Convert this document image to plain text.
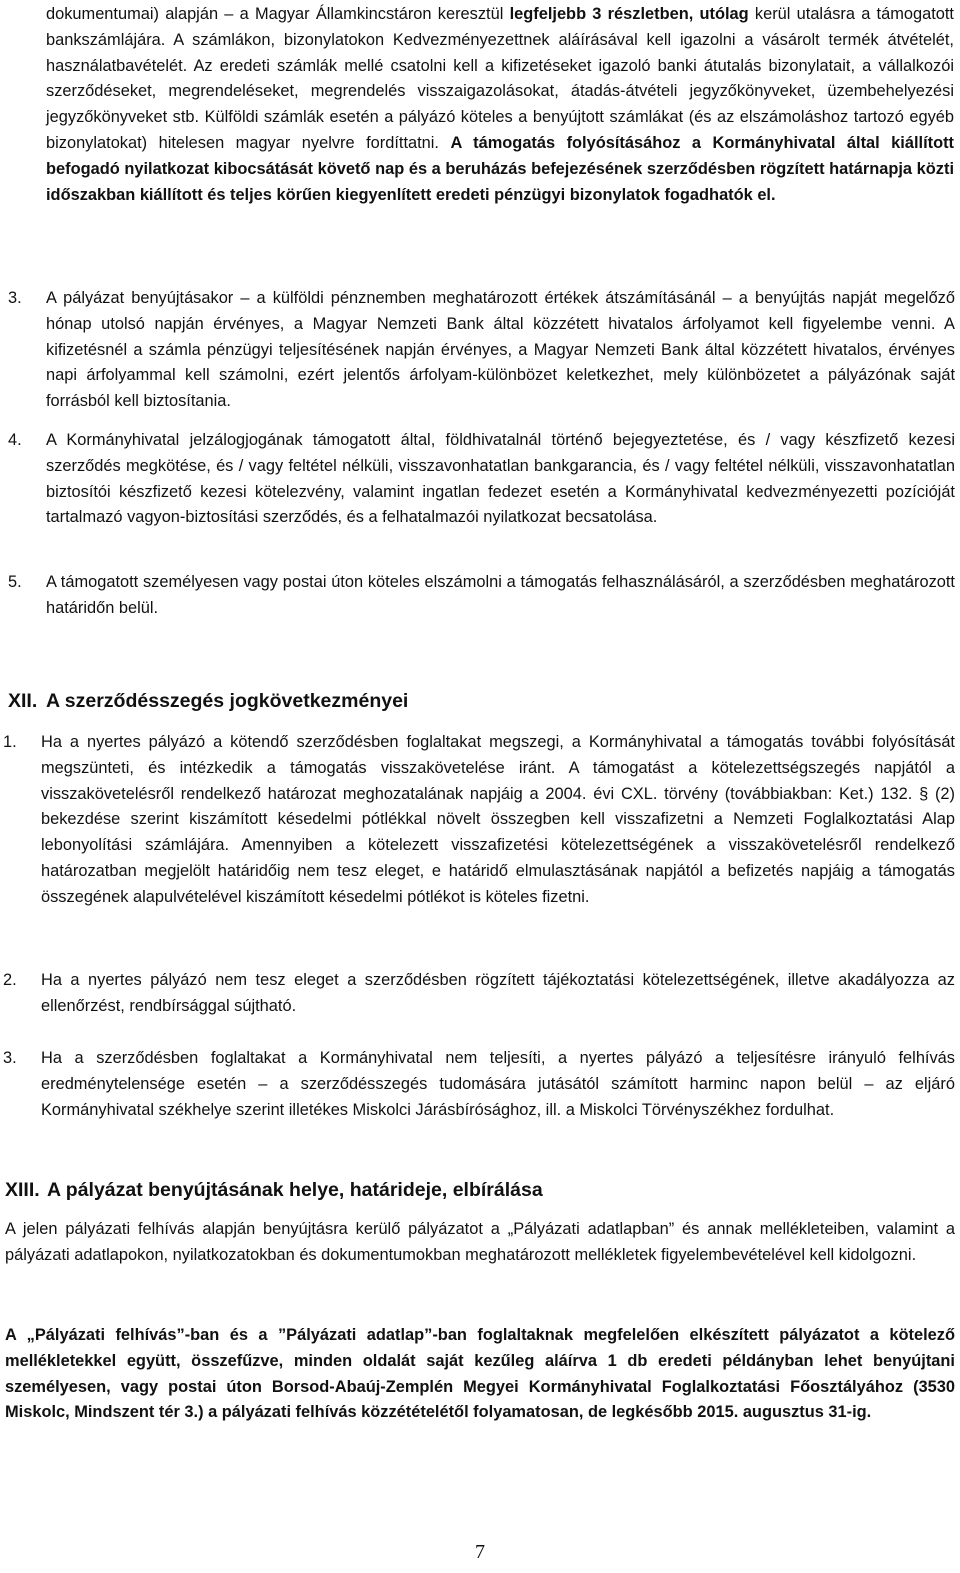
dokumentumai) alapján – a Magyar Államkincstáron keresztül legfeljebb 3 részletben, utólag kerül utalásra a támogatott bankszámlájára. A számlákon, bizonylatokon Kedvezményezettnek aláírásával kell igazolni a vásárolt termék átvételét, használatbavételét. Az eredeti számlák mellé csatolni kell a kifizetéseket igazoló banki átutalás bizonylatait, a vállalkozói szerződéseket, megrendeléseket, megrendelés visszaigazolásokat, átadás-átvételi jegyzőkönyveket, üzembehelyezési jegyzőkönyveket stb. Külföldi számlák esetén a pályázó köteles a benyújtott számlákat (és az elszámoláshoz tartozó egyéb bizonylatokat) hitelesen magyar nyelvre fordíttatni. A támogatás folyósításához a Kormányhivatal által kiállított befogadó nyilatkozat kibocsátását követő nap és a beruházás befejezésének szerződésben rögzített határnapja közti időszakban kiállított és teljes körűen kiegyenlített eredeti pénzügyi bizonylatok fogadhatók el.

3. A pályázat benyújtásakor – a külföldi pénznemben meghatározott értékek átszámításánál – a benyújtás napját megelőző hónap utolsó napján érvényes, a Magyar Nemzeti Bank által közzétett hivatalos árfolyamot kell figyelembe venni. A kifizetésnél a számla pénzügyi teljesítésének napján érvényes, a Magyar Nemzeti Bank által közzétett hivatalos, érvényes napi árfolyammal kell számolni, ezért jelentős árfolyam-különbözet keletkezhet, mely különbözetet a pályázónak saját forrásból kell biztosítania.

4. A Kormányhivatal jelzálogjogának támogatott által, földhivatalnál történő bejegyeztetése, és / vagy készfizető kezesi szerződés megkötése, és / vagy feltétel nélküli, visszavonhatatlan bankgarancia, és / vagy feltétel nélküli, visszavonhatatlan biztosítói készfizető kezesi kötelezvény, valamint ingatlan fedezet esetén a Kormányhivatal kedvezményezetti pozícióját tartalmazó vagyon-biztosítási szerződés, és a felhatalmazói nyilatkozat becsatolása.

5. A támogatott személyesen vagy postai úton köteles elszámolni a támogatás felhasználásáról, a szerződésben meghatározott határidőn belül.

XII. A szerződésszegés jogkövetkezményei
1. Ha a nyertes pályázó a kötendő szerződésben foglaltakat megszegi, a Kormányhivatal a támogatás további folyósítását megszünteti, és intézkedik a támogatás visszakövetelése iránt. A támogatást a kötelezettségszegés napjától a visszakövetelésről rendelkező határozat meghozatalának napjáig a 2004. évi CXL. törvény (továbbiakban: Ket.) 132. § (2) bekezdése szerint kiszámított késedelmi pótlékkal növelt összegben kell visszafizetni a Nemzeti Foglalkoztatási Alap lebonyolítási számlájára. Amennyiben a kötelezett visszafizetési kötelezettségének a visszakövetelésről rendelkező határozatban megjelölt határidőig nem tesz eleget, e határidő elmulasztásának napjától a befizetés napjáig a támogatás összegének alapulvételével kiszámított késedelmi pótlékot is köteles fizetni.

2. Ha a nyertes pályázó nem tesz eleget a szerződésben rögzített tájékoztatási kötelezettségének, illetve akadályozza az ellenőrzést, rendbírsággal sújtható.

3. Ha a szerződésben foglaltakat a Kormányhivatal nem teljesíti, a nyertes pályázó a teljesítésre irányuló felhívás eredménytelensége esetén – a szerződésszegés tudomására jutásától számított harminc napon belül – az eljáró Kormányhivatal székhelye szerint illetékes Miskolci Járásbírósághoz, ill. a Miskolci Törvényszékhez fordulhat.

XIII. A pályázat benyújtásának helye, határideje, elbírálása

A jelen pályázati felhívás alapján benyújtásra kerülő pályázatot a „Pályázati adatlapban” és annak mellékleteiben, valamint a pályázati adatlapokon, nyilatkozatokban és dokumentumokban meghatározott mellékletek figyelembevételével kell kidolgozni.

A „Pályázati felhívás”-ban és a ”Pályázati adatlap”-ban foglaltaknak megfelelően elkészített pályázatot a kötelező mellékletekkel együtt, összefűzve, minden oldalát saját kezűleg aláírva 1 db eredeti példányban lehet benyújtani személyesen, vagy postai úton Borsod-Abaúj-Zemplén Megyei Kormányhivatal Foglalkoztatási Főosztályához (3530 Miskolc, Mindszent tér 3.) a pályázati felhívás közzétételétől folyamatosan, de legkésőbb 2015. augusztus 31-ig.

7
